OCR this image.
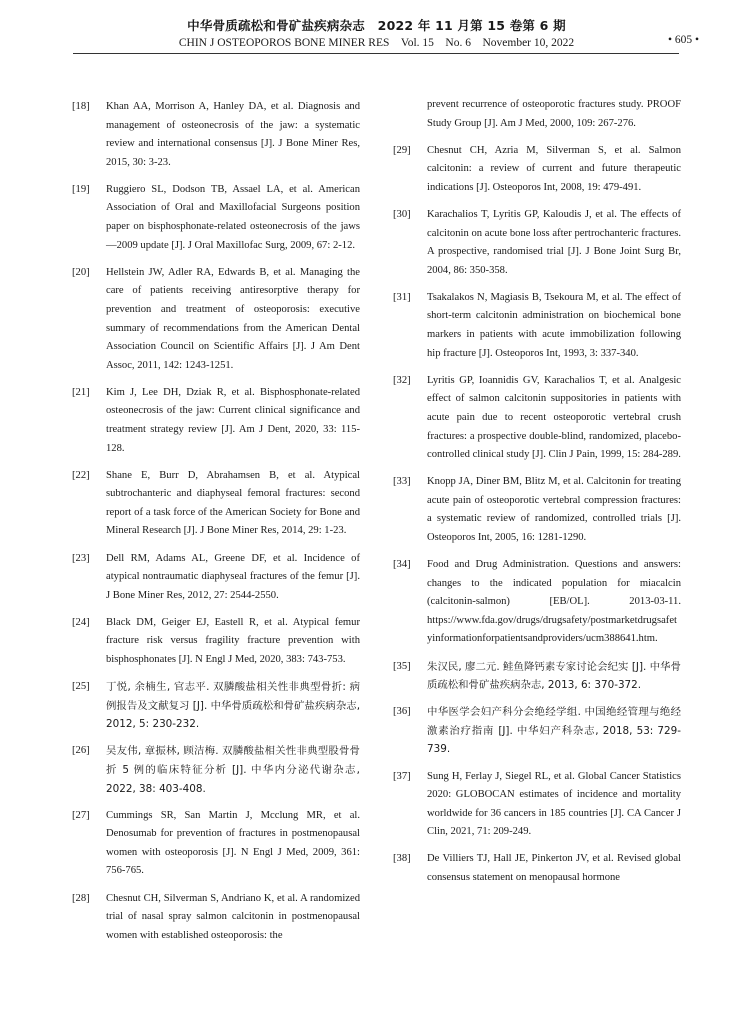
中华骨质疏松和骨矿盐疾病杂志　2022 年 11 月第 15 卷第 6 期
CHIN J OSTEOPOROS BONE MINER RES　Vol. 15　No. 6　November 10, 2022	• 605 •
[18] Khan AA, Morrison A, Hanley DA, et al. Diagnosis and management of osteonecrosis of the jaw: a systematic review and international consensus [J]. J Bone Miner Res, 2015, 30: 3-23.
[19] Ruggiero SL, Dodson TB, Assael LA, et al. American Association of Oral and Maxillofacial Surgeons position paper on bisphosphonate-related osteonecrosis of the jaws—2009 update [J]. J Oral Maxillofac Surg, 2009, 67: 2-12.
[20] Hellstein JW, Adler RA, Edwards B, et al. Managing the care of patients receiving antiresorptive therapy for prevention and treatment of osteoporosis: executive summary of recommendations from the American Dental Association Council on Scientific Affairs [J]. J Am Dent Assoc, 2011, 142: 1243-1251.
[21] Kim J, Lee DH, Dziak R, et al. Bisphosphonate-related osteonecrosis of the jaw: Current clinical significance and treatment strategy review [J]. Am J Dent, 2020, 33: 115-128.
[22] Shane E, Burr D, Abrahamsen B, et al. Atypical subtrochanteric and diaphyseal femoral fractures: second report of a task force of the American Society for Bone and Mineral Research [J]. J Bone Miner Res, 2014, 29: 1-23.
[23] Dell RM, Adams AL, Greene DF, et al. Incidence of atypical nontraumatic diaphyseal fractures of the femur [J]. J Bone Miner Res, 2012, 27: 2544-2550.
[24] Black DM, Geiger EJ, Eastell R, et al. Atypical femur fracture risk versus fragility fracture prevention with bisphosphonates [J]. N Engl J Med, 2020, 383: 743-753.
[25] 丁悦, 余楠生, 官志平. 双膦酸盐相关性非典型骨折: 病例报告及文献复习 [J]. 中华骨质疏松和骨矿盐疾病杂志, 2012, 5: 230-232.
[26] 吴友伟, 章振林, 顾洁梅. 双膦酸盐相关性非典型股骨骨折 5 例的临床特征分析 [J]. 中华内分泌代谢杂志, 2022, 38: 403-408.
[27] Cummings SR, San Martin J, Mcclung MR, et al. Denosumab for prevention of fractures in postmenopausal women with osteoporosis [J]. N Engl J Med, 2009, 361: 756-765.
[28] Chesnut CH, Silverman S, Andriano K, et al. A randomized trial of nasal spray salmon calcitonin in postmenopausal women with established osteoporosis: the
prevent recurrence of osteoporotic fractures study. PROOF Study Group [J]. Am J Med, 2000, 109: 267-276.
[29] Chesnut CH, Azria M, Silverman S, et al. Salmon calcitonin: a review of current and future therapeutic indications [J]. Osteoporos Int, 2008, 19: 479-491.
[30] Karachalios T, Lyritis GP, Kaloudis J, et al. The effects of calcitonin on acute bone loss after pertrochanteric fractures. A prospective, randomised trial [J]. J Bone Joint Surg Br, 2004, 86: 350-358.
[31] Tsakalakos N, Magiasis B, Tsekoura M, et al. The effect of short-term calcitonin administration on biochemical bone markers in patients with acute immobilization following hip fracture [J]. Osteoporos Int, 1993, 3: 337-340.
[32] Lyritis GP, Ioannidis GV, Karachalios T, et al. Analgesic effect of salmon calcitonin suppositories in patients with acute pain due to recent osteoporotic vertebral crush fractures: a prospective double-blind, randomized, placebo-controlled clinical study [J]. Clin J Pain, 1999, 15: 284-289.
[33] Knopp JA, Diner BM, Blitz M, et al. Calcitonin for treating acute pain of osteoporotic vertebral compression fractures: a systematic review of randomized, controlled trials [J]. Osteoporos Int, 2005, 16: 1281-1290.
[34] Food and Drug Administration. Questions and answers: changes to the indicated population for miacalcin (calcitonin-salmon) [EB/OL]. 2013-03-11. https://www.fda.gov/drugs/drugsafety/postmarketdrugsafetyinformationforpatientsandproviders/ucm388641.htm.
[35] 朱汉民, 廖二元. 鲑鱼降钙素专家讨论会纪实 [J]. 中华骨质疏松和骨矿盐疾病杂志, 2013, 6: 370-372.
[36] 中华医学会妇产科分会绝经学组. 中国绝经管理与绝经激素治疗指南 [J]. 中华妇产科杂志, 2018, 53: 729-739.
[37] Sung H, Ferlay J, Siegel RL, et al. Global Cancer Statistics 2020: GLOBOCAN estimates of incidence and mortality worldwide for 36 cancers in 185 countries [J]. CA Cancer J Clin, 2021, 71: 209-249.
[38] De Villiers TJ, Hall JE, Pinkerton JV, et al. Revised global consensus statement on menopausal hormone
